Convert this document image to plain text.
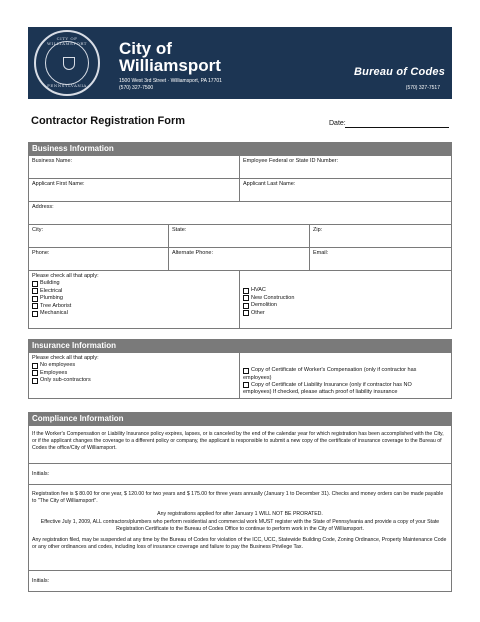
CITY OF WILLIAMSPORT
PENNSYLVANIA
City of
Williamsport
1500 West 3rd Street · Williamsport, PA 17701
(570) 327-7500
Bureau of Codes
(570) 327-7517
Contractor Registration Form	Date:
Business Information
Business Name:	Employee Federal or State ID Number:
Applicant First Name:	Applicant Last Name:
Address:
City:	State:	Zip:
Phone:	Alternate Phone:	Email:
Please check all that apply:
Building
Electrical
Plumbing
Tree Arborist
Mechanical
HVAC
New Construction
Demolition
Other
Insurance Information
Please check all that apply:
No employees
Employees
Only sub-contractors
Copy of Certificate of Worker's Compensation (only if contractor has
employees)
Copy of Certificate of Liability Insurance (only if contractor has NO
employees) If checked, please attach proof of liability insurance
Compliance Information
If the Worker's Compensation or Liability Insurance policy expires, lapses, or is canceled by the end of the calendar year for which registration has been accomplished with the City, or if the applicant changes the coverage to a different policy or company, the applicant is responsible to submit a new copy of the certificate of insurance coverage to the Bureau of Codes the office/City of Williamsport.
Initials:
Registration fee is $ 80.00 for one year, $ 120.00 for two years and $ 175.00 for three years annually (January 1 to December 31). Checks and money orders can be made payable to "The City of Williamsport".
Any registrations applied for after January 1 WILL NOT BE PRORATED.
Effective July 1, 2009, ALL contractors/plumbers who perform residential and commercial work MUST register with the State of Pennsylvania and provide a copy of your State Registration Certificate to the Bureau of Codes Office to continue to perform work in the City of Williamsport.
Any registration filed, may be suspended at any time by the Bureau of Codes for violation of the ICC, UCC, Statewide Building Code, Zoning Ordinance, Property Maintenance Code or any other ordinances and codes, including loss of insurance coverage and failure to pay the Business Privilege Tax.
Initials:
